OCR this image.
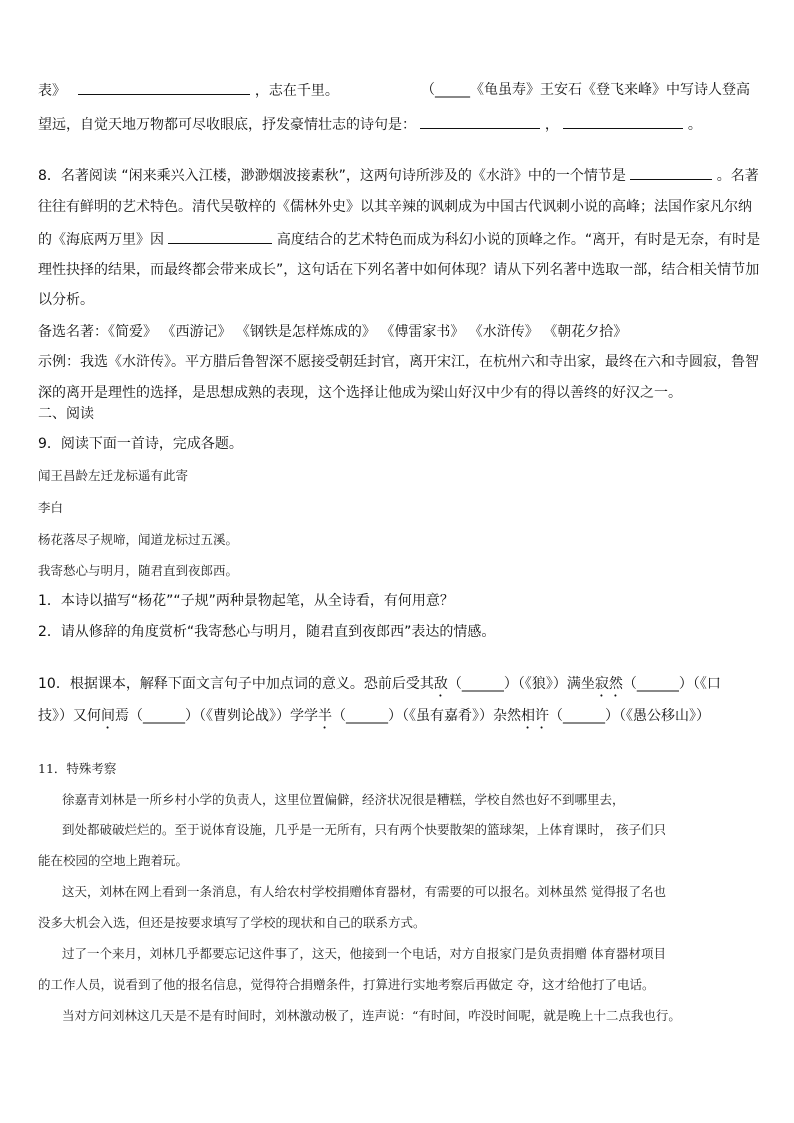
表》	，志在千里。	（_____《龟虽寿》王安石《登飞来峰》中写诗人登高
望远，自觉天地万物都可尽收眼底，抒发豪情壮志的诗句是：	，	。
8．名著阅读 “闲来乘兴入江楼，渺渺烟波接素秋”，这两句诗所涉及的《水浒》中的一个情节是	。名著
往往有鲜明的艺术特色。清代吴敬梓的《儒林外史》以其辛辣的讽刺成为中国古代讽刺小说的高峰；法国作家凡尔纳
的《海底两万里》因	高度结合的艺术特色而成为科幻小说的顶峰之作。“离开，有时是无奈，有时是
理性抉择的结果，而最终都会带来成长”，这句话在下列名著中如何体现？请从下列名著中选取一部，结合相关情节加
以分析。
备选名著：《简爱》 《西游记》 《钢铁是怎样炼成的》 《傅雷家书》 《水浒传》 《朝花夕拾》
示例：我选《水浒传》。平方腊后鲁智深不愿接受朝廷封官，离开宋江，在杭州六和寺出家，最终在六和寺圆寂，鲁智
深的离开是理性的选择，是思想成熟的表现，这个选择让他成为梁山好汉中少有的得以善终的好汉之一。
二、阅读
9．阅读下面一首诗，完成各题。
闻王昌龄左迁龙标遥有此寄
李白
杨花落尽子规啼，闻道龙标过五溪。
我寄愁心与明月，随君直到夜郎西。
1．本诗以描写“杨花”“子规”两种景物起笔，从全诗看，有何用意？
2．请从修辞的角度赏析“我寄愁心与明月，随君直到夜郎西”表达的情感。
10．根据课本，解释下面文言句子中加点词的意义。恐前后受其敌（______）（《狼》）满坐寂然（______）（《口
技》）又何间焉（______）（《曹刿论战》）学学半（______）（《虽有嘉肴》）杂然相许（______）（《愚公移山》）
11．特殊考察
徐嘉青刘林是一所乡村小学的负责人，这里位置偏僻，经济状况很是糟糕，学校自然也好不到哪里去，
到处都破破烂烂的。至于说体育设施，几乎是一无所有，只有两个快要散架的篮球架，上体育课时， 孩子们只
能在校园的空地上跑着玩。
这天，刘林在网上看到一条消息，有人给农村学校捐赠体育器材，有需要的可以报名。刘林虽然 觉得报了名也
没多大机会入选，但还是按要求填写了学校的现状和自己的联系方式。
过了一个来月，刘林几乎都要忘记这件事了，这天，他接到一个电话，对方自报家门是负责捐赠 体育器材项目
的工作人员，说看到了他的报名信息，觉得符合捐赠条件，打算进行实地考察后再做定 夺，这才给他打了电话。
当对方问刘林这几天是不是有时间时，刘林激动极了，连声说：“有时间，咋没时间呢，就是晚上十二点我也行。
